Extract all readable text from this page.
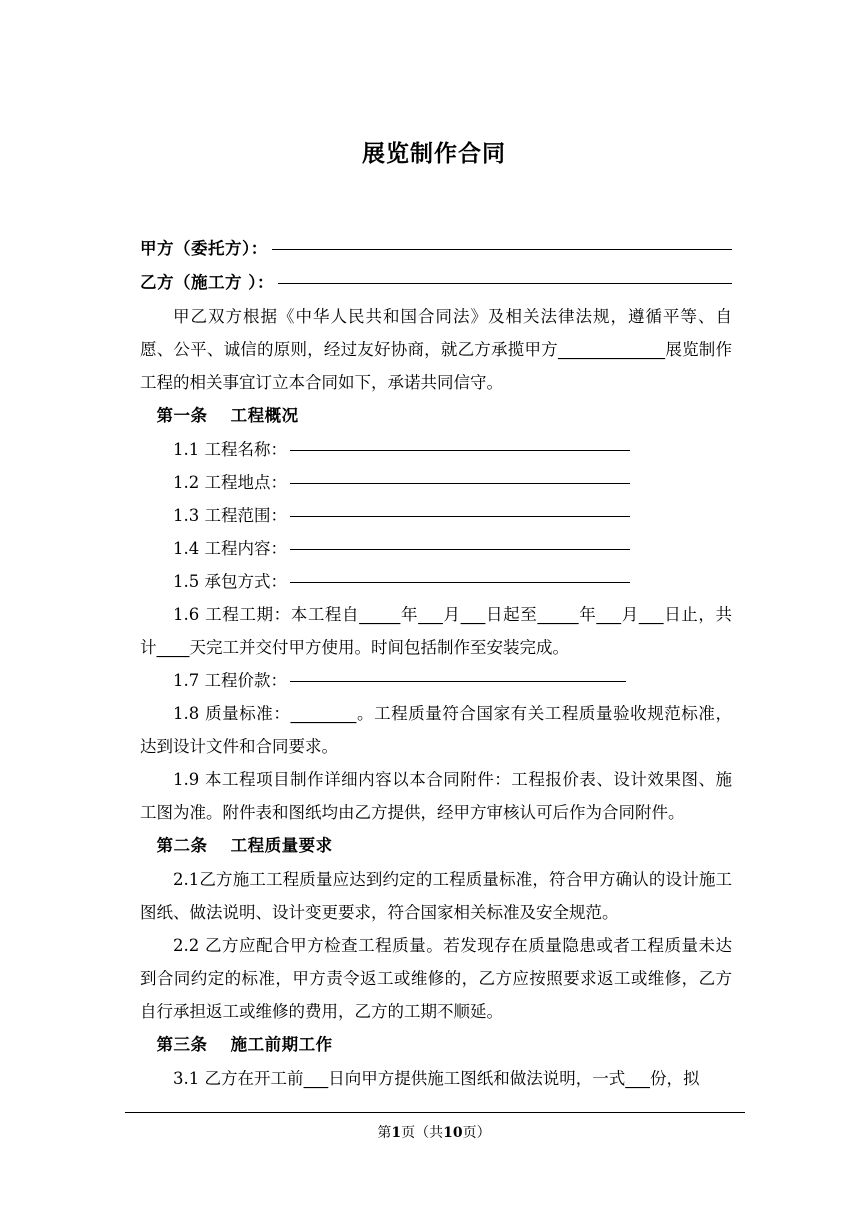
展览制作合同
甲方（委托方）：
乙方（施工方 ）：
甲乙双方根据《中华人民共和国合同法》及相关法律法规，遵循平等、自愿、公平、诚信的原则，经过友好协商，就乙方承揽甲方_____________展览制作工程的相关事宜订立本合同如下，承诺共同信守。
第一条 工程概况
1.1
工程名称：
1.2
工程地点：
1.3
工程范围：
1.4
工程内容：
1.5
承包方式：
1.6 工程工期：本工程自_____年___月___日起至_____年___月___日止，共计____天完工并交付甲方使用。时间包括制作至安装完成。
1.7
工程价款：
1.8 质量标准：________。工程质量符合国家有关工程质量验收规范标准，达到设计文件和合同要求。
1.9 本工程项目制作详细内容以本合同附件：工程报价表、设计效果图、施工图为准。附件表和图纸均由乙方提供，经甲方审核认可后作为合同附件。
第二条 工程质量要求
2.1乙方施工工程质量应达到约定的工程质量标准，符合甲方确认的设计施工图纸、做法说明、设计变更要求，符合国家相关标准及安全规范。
2.2 乙方应配合甲方检查工程质量。若发现存在质量隐患或者工程质量未达到合同约定的标准，甲方责令返工或维修的，乙方应按照要求返工或维修，乙方自行承担返工或维修的费用，乙方的工期不顺延。
第三条 施工前期工作
3.1 乙方在开工前___日向甲方提供施工图纸和做法说明，一式___份，拟
第1页（共10页）
